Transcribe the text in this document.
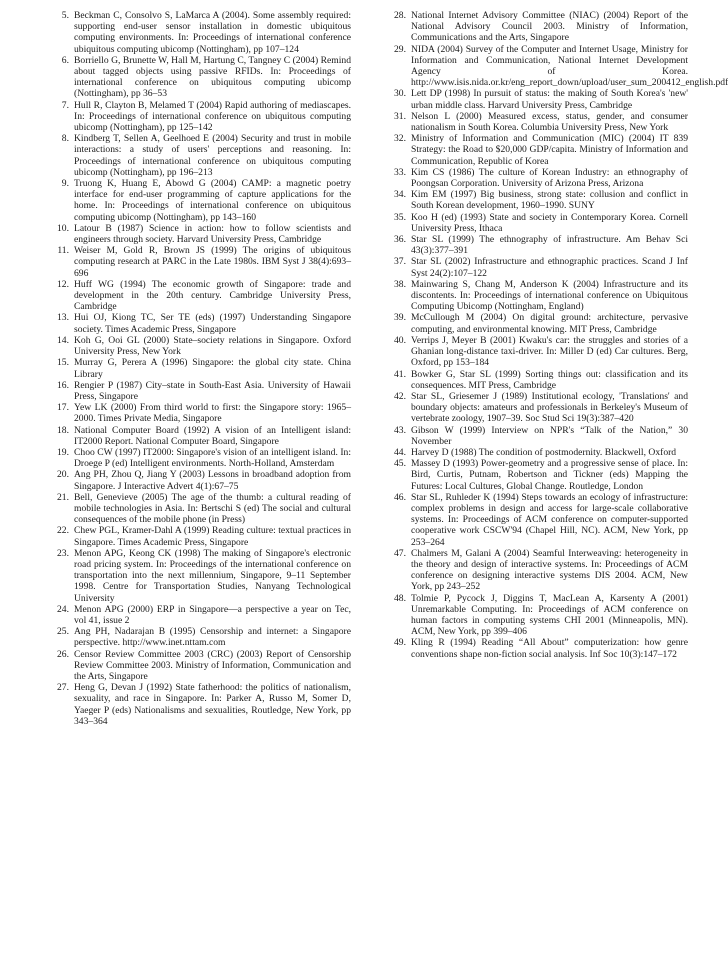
5. Beckman C, Consolvo S, LaMarca A (2004). Some assembly required: supporting end-user sensor installation in domestic ubiquitous computing environments. In: Proceedings of international conference ubiquitous computing ubicomp (Nottingham), pp 107–124
6. Borriello G, Brunette W, Hall M, Hartung C, Tangney C (2004) Remind about tagged objects using passive RFIDs. In: Proceedings of international conference on ubiquitous computing ubicomp (Nottingham), pp 36–53
7. Hull R, Clayton B, Melamed T (2004) Rapid authoring of mediascapes. In: Proceedings of international conference on ubiquitous computing ubicomp (Nottingham), pp 125–142
8. Kindberg T, Sellen A, Geelhoed E (2004) Security and trust in mobile interactions: a study of users' perceptions and reasoning. In: Proceedings of international conference on ubiquitous computing ubicomp (Nottingham), pp 196–213
9. Truong K, Huang E, Abowd G (2004) CAMP: a magnetic poetry interface for end-user programming of capture applications for the home. In: Proceedings of international conference on ubiquitous computing ubicomp (Nottingham), pp 143–160
10. Latour B (1987) Science in action: how to follow scientists and engineers through society. Harvard University Press, Cambridge
11. Weiser M, Gold R, Brown JS (1999) The origins of ubiquitous computing research at PARC in the Late 1980s. IBM Syst J 38(4):693–696
12. Huff WG (1994) The economic growth of Singapore: trade and development in the 20th century. Cambridge University Press, Cambridge
13. Hui OJ, Kiong TC, Ser TE (eds) (1997) Understanding Singapore society. Times Academic Press, Singapore
14. Koh G, Ooi GL (2000) State–society relations in Singapore. Oxford University Press, New York
15. Murray G, Perera A (1996) Singapore: the global city state. China Library
16. Rengier P (1987) City–state in South-East Asia. University of Hawaii Press, Singapore
17. Yew LK (2000) From third world to first: the Singapore story: 1965–2000. Times Private Media, Singapore
18. National Computer Board (1992) A vision of an Intelligent island: IT2000 Report. National Computer Board, Singapore
19. Choo CW (1997) IT2000: Singapore's vision of an intelligent island. In: Droege P (ed) Intelligent environments. North-Holland, Amsterdam
20. Ang PH, Zhou Q, Jiang Y (2003) Lessons in broadband adoption from Singapore. J Interactive Advert 4(1):67–75
21. Bell, Genevieve (2005) The age of the thumb: a cultural reading of mobile technologies in Asia. In: Bertschi S (ed) The social and cultural consequences of the mobile phone (in Press)
22. Chew PGL, Kramer-Dahl A (1999) Reading culture: textual practices in Singapore. Times Academic Press, Singapore
23. Menon APG, Keong CK (1998) The making of Singapore's electronic road pricing system. In: Proceedings of the international conference on transportation into the next millennium, Singapore, 9–11 September 1998. Centre for Transportation Studies, Nanyang Technological University
24. Menon APG (2000) ERP in Singapore—a perspective a year on Tec, vol 41, issue 2
25. Ang PH, Nadarajan B (1995) Censorship and internet: a Singapore perspective. http://www.inet.nttam.com
26. Censor Review Committee 2003 (CRC) (2003) Report of Censorship Review Committee 2003. Ministry of Information, Communication and the Arts, Singapore
27. Heng G, Devan J (1992) State fatherhood: the politics of nationalism, sexuality, and race in Singapore. In: Parker A, Russo M, Somer D, Yaeger P (eds) Nationalisms and sexualities, Routledge, New York, pp 343–364
28. National Internet Advisory Committee (NIAC) (2004) Report of the National Advisory Council 2003. Ministry of Information, Communications and the Arts, Singapore
29. NIDA (2004) Survey of the Computer and Internet Usage, Ministry for Information and Communication, National Internet Development Agency of Korea. http://www.isis.nida.or.kr/eng_report_down/upload/user_sum_200412_english.pdf
30. Lett DP (1998) In pursuit of status: the making of South Korea's 'new' urban middle class. Harvard University Press, Cambridge
31. Nelson L (2000) Measured excess, status, gender, and consumer nationalism in South Korea. Columbia University Press, New York
32. Ministry of Information and Communication (MIC) (2004) IT 839 Strategy: the Road to $20,000 GDP/capita. Ministry of Information and Communication, Republic of Korea
33. Kim CS (1986) The culture of Korean Industry: an ethnography of Poongsan Corporation. University of Arizona Press, Arizona
34. Kim EM (1997) Big business, strong state: collusion and conflict in South Korean development, 1960–1990. SUNY
35. Koo H (ed) (1993) State and society in Contemporary Korea. Cornell University Press, Ithaca
36. Star SL (1999) The ethnography of infrastructure. Am Behav Sci 43(3):377–391
37. Star SL (2002) Infrastructure and ethnographic practices. Scand J Inf Syst 24(2):107–122
38. Mainwaring S, Chang M, Anderson K (2004) Infrastructure and its discontents. In: Proceedings of international conference on Ubiquitous Computing Ubicomp (Nottingham, England)
39. McCullough M (2004) On digital ground: architecture, pervasive computing, and environmental knowing. MIT Press, Cambridge
40. Verrips J, Meyer B (2001) Kwaku's car: the struggles and stories of a Ghanian long-distance taxi-driver. In: Miller D (ed) Car cultures. Berg, Oxford, pp 153–184
41. Bowker G, Star SL (1999) Sorting things out: classification and its consequences. MIT Press, Cambridge
42. Star SL, Griesemer J (1989) Institutional ecology, 'Translations' and boundary objects: amateurs and professionals in Berkeley's Museum of vertebrate zoology, 1907–39. Soc Stud Sci 19(3):387–420
43. Gibson W (1999) Interview on NPR's “Talk of the Nation,” 30 November
44. Harvey D (1988) The condition of postmodernity. Blackwell, Oxford
45. Massey D (1993) Power-geometry and a progressive sense of place. In: Bird, Curtis, Putnam, Robertson and Tickner (eds) Mapping the Futures: Local Cultures, Global Change. Routledge, London
46. Star SL, Ruhleder K (1994) Steps towards an ecology of infrastructure: complex problems in design and access for large-scale collaborative systems. In: Proceedings of ACM conference on computer-supported cooperative work CSCW'94 (Chapel Hill, NC). ACM, New York, pp 253–264
47. Chalmers M, Galani A (2004) Seamful Interweaving: heterogeneity in the theory and design of interactive systems. In: Proceedings of ACM conference on designing interactive systems DIS 2004. ACM, New York, pp 243–252
48. Tolmie P, Pycock J, Diggins T, MacLean A, Karsenty A (2001) Unremarkable Computing. In: Proceedings of ACM conference on human factors in computing systems CHI 2001 (Minneapolis, MN). ACM, New York, pp 399–406
49. Kling R (1994) Reading “All About” computerization: how genre conventions shape non-fiction social analysis. Inf Soc 10(3):147–172
